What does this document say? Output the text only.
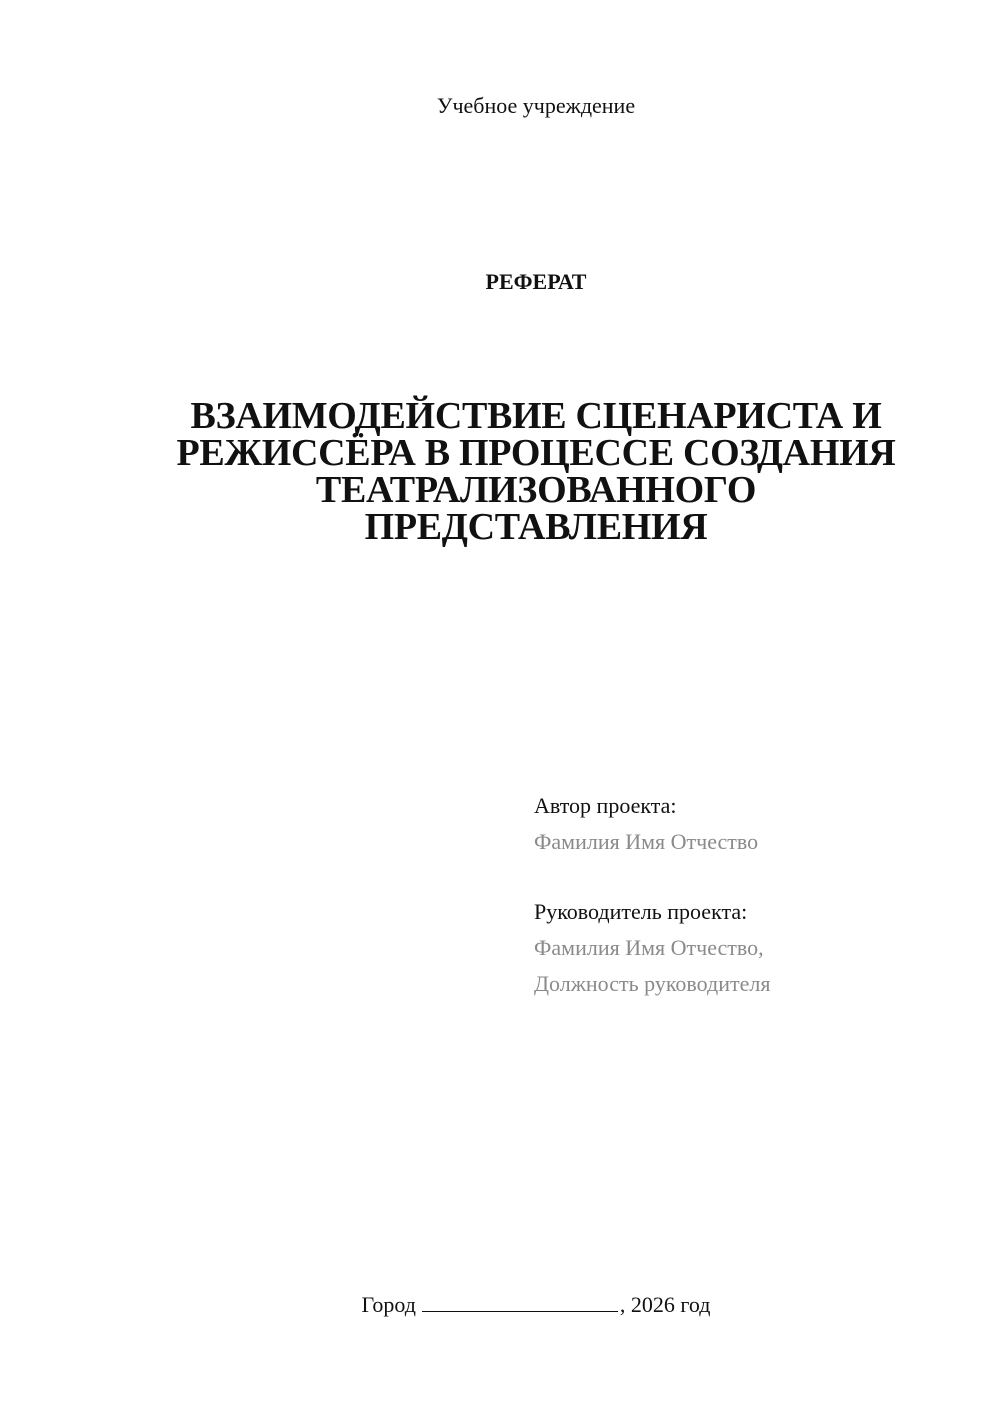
Учебное учреждение
РЕФЕРАТ
ВЗАИМОДЕЙСТВИЕ СЦЕНАРИСТА И
РЕЖИССЁРА В ПРОЦЕССЕ СОЗДАНИЯ
ТЕАТРАЛИЗОВАННОГО
ПРЕДСТАВЛЕНИЯ
Автор проекта:
Фамилия Имя Отчество
Руководитель проекта:
Фамилия Имя Отчество,
Должность руководителя
Город	, 2026 год
